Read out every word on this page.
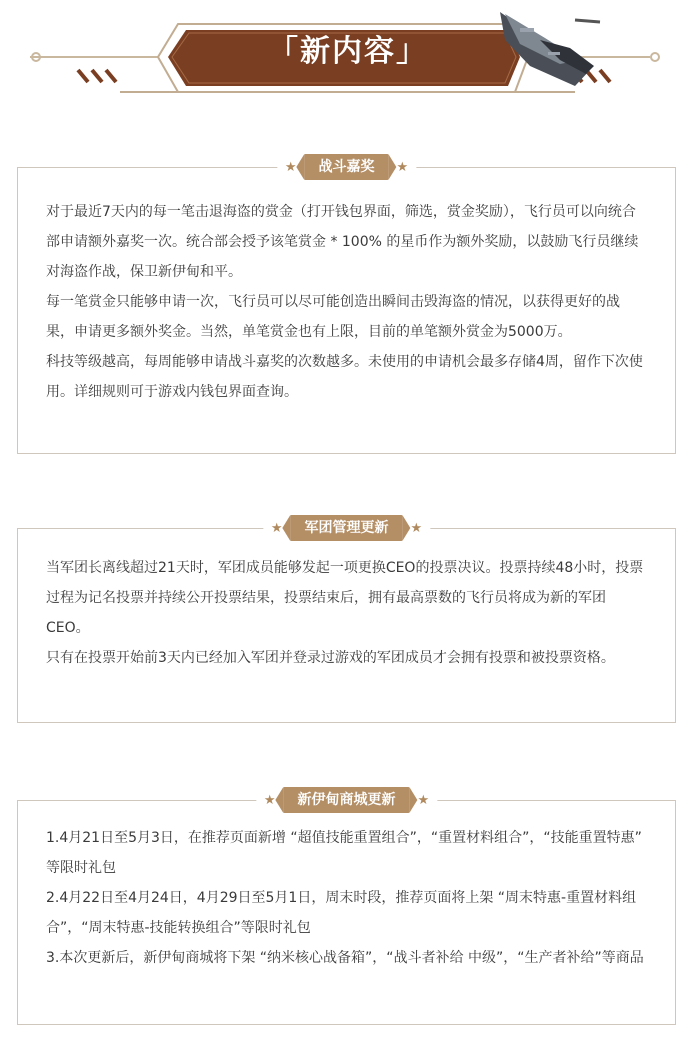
「新内容」
★	战斗嘉奖	★
对于最近7天内的每一笔击退海盗的赏金（打开钱包界面，筛选，赏金奖励），飞行员可以向统合部申请额外嘉奖一次。统合部会授予该笔赏金 * 100% 的星币作为额外奖励，以鼓励飞行员继续对海盗作战，保卫新伊甸和平。
每一笔赏金只能够申请一次，飞行员可以尽可能创造出瞬间击毁海盗的情况，以获得更好的战果，申请更多额外奖金。当然，单笔赏金也有上限，目前的单笔额外赏金为5000万。
科技等级越高，每周能够申请战斗嘉奖的次数越多。未使用的申请机会最多存储4周，留作下次使用。详细规则可于游戏内钱包界面查询。
★	军团管理更新	★
当军团长离线超过21天时，军团成员能够发起一项更换CEO的投票决议。投票持续48小时，投票过程为记名投票并持续公开投票结果，投票结束后，拥有最高票数的飞行员将成为新的军团CEO。
只有在投票开始前3天内已经加入军团并登录过游戏的军团成员才会拥有投票和被投票资格。
★	新伊甸商城更新	★
1.4月21日至5月3日，在推荐页面新增 “超值技能重置组合”，“重置材料组合”，“技能重置特惠” 等限时礼包
2.4月22日至4月24日，4月29日至5月1日，周末时段，推荐页面将上架 “周末特惠-重置材料组合”，“周末特惠-技能转换组合”等限时礼包
3.本次更新后，新伊甸商城将下架 “纳米核心战备箱”，“战斗者补给 中级”，“生产者补给”等商品
